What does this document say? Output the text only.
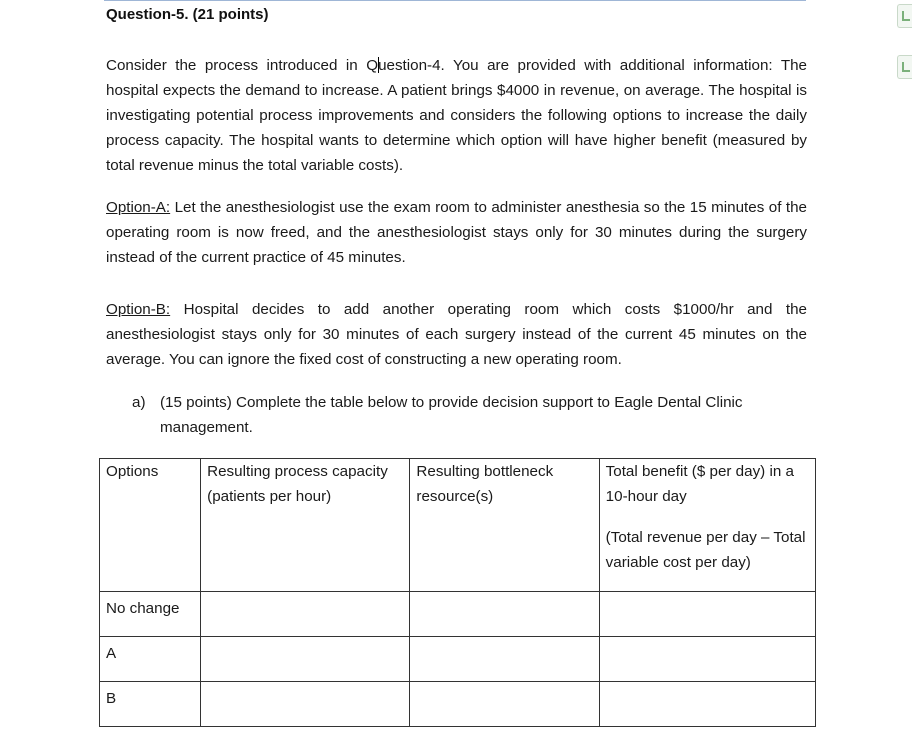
Question-5. (21 points)

Consider the process introduced in Question-4. You are provided with additional information: The hospital expects the demand to increase. A patient brings $4000 in revenue, on average. The hospital is investigating potential process improvements and considers the following options to increase the daily process capacity. The hospital wants to determine which option will have higher benefit (measured by total revenue minus the total variable costs).

Option-A: Let the anesthesiologist use the exam room to administer anesthesia so the 15 minutes of the operating room is now freed, and the anesthesiologist stays only for 30 minutes during the surgery instead of the current practice of 45 minutes.

Option-B: Hospital decides to add another operating room which costs $1000/hr and the anesthesiologist stays only for 30 minutes of each surgery instead of the current 45 minutes on the average. You can ignore the fixed cost of constructing a new operating room.

a) (15 points) Complete the table below to provide decision support to Eagle Dental Clinic management.
Options	Resulting process capacity (patients per hour)	Resulting bottleneck resource(s)	Total benefit ($ per day) in a 10-hour day
(Total revenue per day – Total variable cost per day)
No change			
A			
B			
